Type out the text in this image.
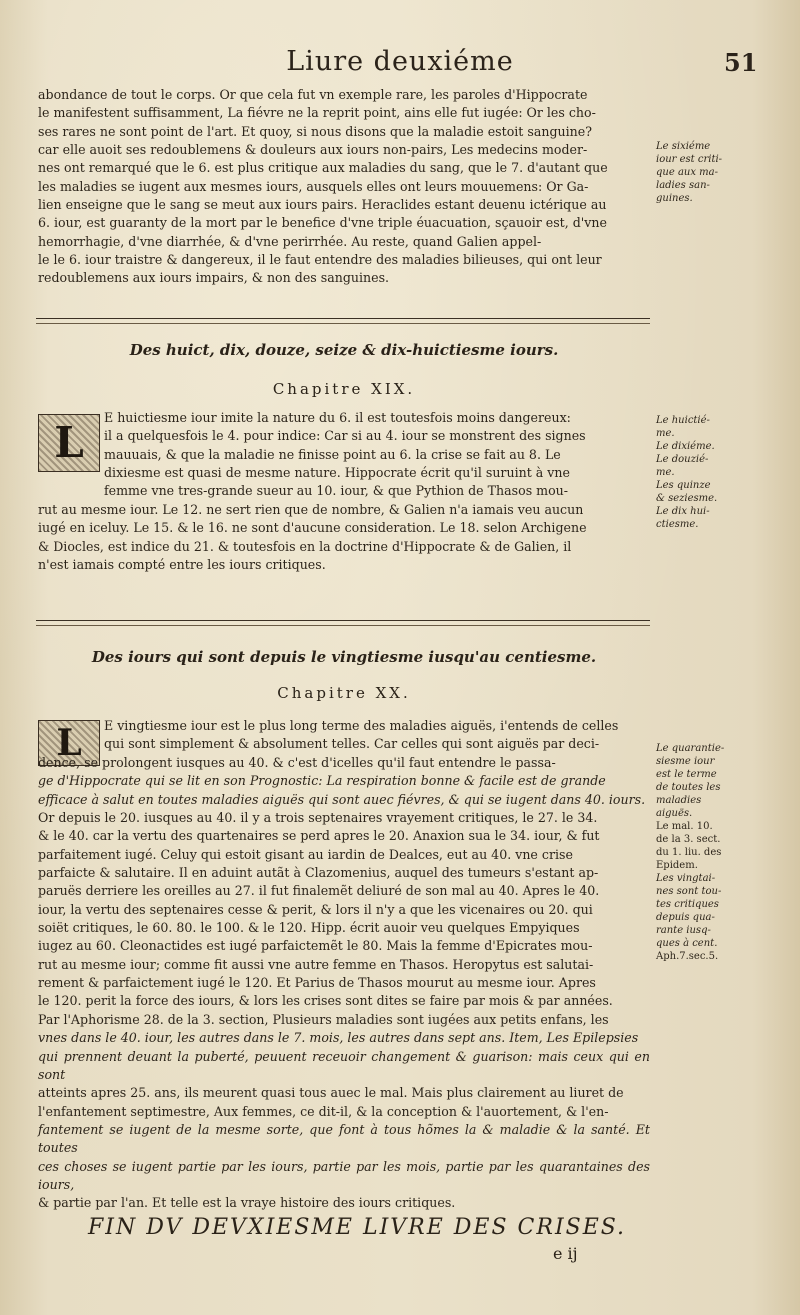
Liure deuxiéme	51

abondance de tout le corps. Or que cela fut vn exemple rare, les paroles d'Hippocrate

le manifestent suffisamment, La fiévre ne la reprit point, ains elle fut iugée: Or les cho-

ses rares ne sont point de l'art. Et quoy, si nous disons que la maladie estoit sanguine?

car elle auoit ses redoublemens & douleurs aux iours non-pairs, Les medecins moder-

nes ont remarqué que le 6. est plus critique aux maladies du sang, que le 7. d'autant que

les maladies se iugent aux mesmes iours, ausquels elles ont leurs mouuemens: Or Ga-

lien enseigne que le sang se meut aux iours pairs. Heraclides estant deuenu ictérique au

6. iour, est guaranty de la mort par le benefice d'vne triple éuacuation, sçauoir est, d'vne

hemorrhagie, d'vne diarrhée, & d'vne perirrhée. Au reste, quand Galien appel-

le le 6. iour traistre & dangereux, il le faut entendre des maladies bilieuses, qui ont leur

redoublemens aux iours impairs, & non des sanguines.

Le sixiéme
iour est criti-
que aux ma-
ladies san-
guines.
Des huict, dix, douze, seize & dix-huictiesme iours.
Chapitre XIX.
L

E huictiesme iour imite la nature du 6. il est toutesfois moins dangereux:

il a quelquesfois le 4. pour indice: Car si au 4. iour se monstrent des signes

mauuais, & que la maladie ne finisse point au 6. la crise se fait au 8. Le

dixiesme est quasi de mesme nature. Hippocrate écrit qu'il suruint à vne

femme vne tres-grande sueur au 10. iour, & que Pythion de Thasos mou-

rut au mesme iour. Le 12. ne sert rien que de nombre, & Galien n'a iamais veu aucun

iugé en iceluy. Le 15. & le 16. ne sont d'aucune consideration. Le 18. selon Archigene

& Diocles, est indice du 21. & toutesfois en la doctrine d'Hippocrate & de Galien, il

n'est iamais compté entre les iours critiques.

Le huictié-
me.
Le dixiéme.
Le douzié-
me.
Les quinze
& seziesme.
Le dix hui-
ctiesme.
Des iours qui sont depuis le vingtiesme iusqu'au centiesme.
Chapitre XX.
L	E vingtiesme iour est le plus long terme des maladies aiguës, i'entends de celles

qui sont simplement & absolument telles. Car celles qui sont aiguës par deci-

dence, se prolongent iusques au 40. & c'est d'icelles qu'il faut entendre le passa-

ge d'Hippocrate qui se lit en son Prognostic: La respiration bonne & facile est de grande

efficace à salut en toutes maladies aiguës qui sont auec fiévres, & qui se iugent dans 40. iours.

Or depuis le 20. iusques au 40. il y a trois septenaires vrayement critiques, le 27. le 34.

& le 40. car la vertu des quartenaires se perd apres le 20. Anaxion sua le 34. iour, & fut

parfaitement iugé. Celuy qui estoit gisant au iardin de Dealces, eut au 40. vne crise

parfaicte & salutaire. Il en aduint autãt à Clazomenius, auquel des tumeurs s'estant ap-

paruës derriere les oreilles au 27. il fut finalemẽt deliuré de son mal au 40. Apres le 40.

iour, la vertu des septenaires cesse & perit, & lors il n'y a que les vicenaires ou 20. qui

soiët critiques, le 60. 80. le 100. & le 120. Hipp. écrit auoir veu quelques Empyiques

iugez au 60. Cleonactides est iugé parfaictemẽt le 80. Mais la femme d'Epicrates mou-

rut au mesme iour; comme fit aussi vne autre femme en Thasos. Heropytus est salutai-

rement & parfaictement iugé le 120. Et Parius de Thasos mourut au mesme iour. Apres

le 120. perit la force des iours, & lors les crises sont dites se faire par mois & par années.

Par l'Aphorisme 28. de la 3. section, Plusieurs maladies sont iugées aux petits enfans, les

vnes dans le 40. iour, les autres dans le 7. mois, les autres dans sept ans. Item, Les Epilepsies

qui prennent deuant la puberté, peuuent receuoir changement & guarison: mais ceux qui en sont

atteints apres 25. ans, ils meurent quasi tous auec le mal. Mais plus clairement au liuret de

l'enfantement septimestre, Aux femmes, ce dit-il, & la conception & l'auortement, & l'en-

fantement se iugent de la mesme sorte, que font à tous hõmes la & maladie & la santé. Et toutes

ces choses se iugent partie par les iours, partie par les mois, partie par les quarantaines des iours,

& partie par l'an. Et telle est la vraye histoire des iours critiques.

Le quarantie-
siesme iour
est le terme
de toutes les
maladies
aiguës.
Le mal. 10.
de la 3. sect.
du 1. liu. des
Epidem.
Les vingtai-
nes sont tou-
tes critiques
depuis qua-
rante iusq-
ques à cent.
Aph.7.sec.5.
FIN DV DEVXIESME LIVRE DES CRISES.
e ij
